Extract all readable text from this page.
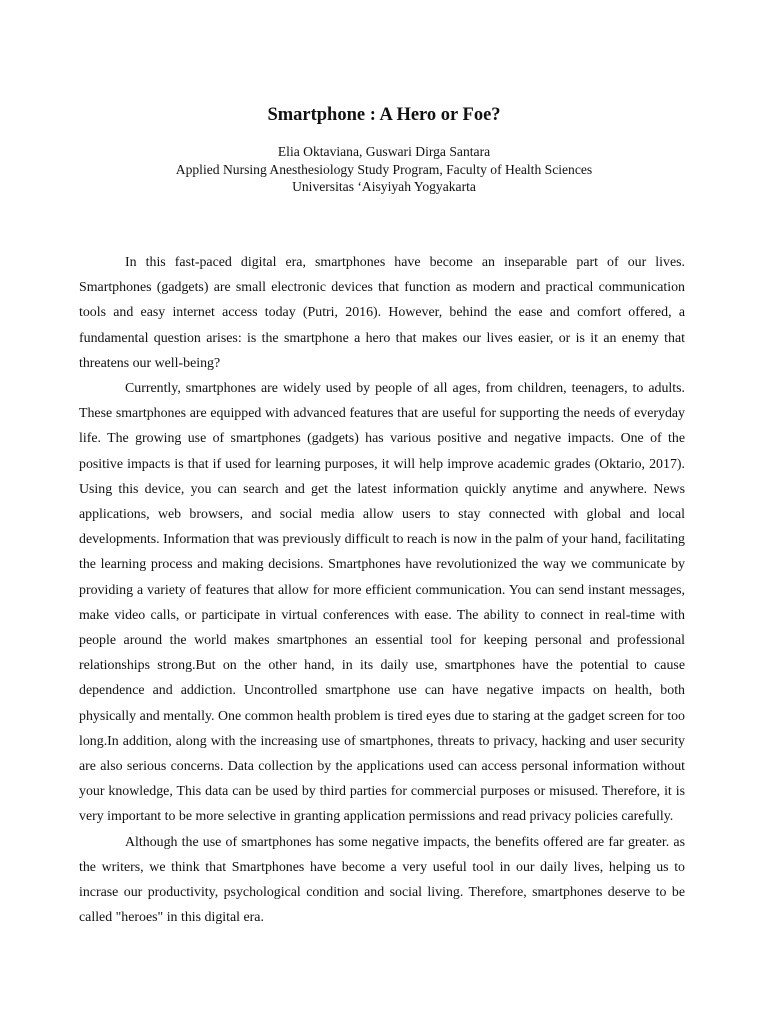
Smartphone : A Hero or Foe?
Elia Oktaviana, Guswari Dirga Santara
Applied Nursing Anesthesiology Study Program, Faculty of Health Sciences
Universitas ‘Aisyiyah Yogyakarta

In this fast-paced digital era, smartphones have become an inseparable part of our lives. Smartphones (gadgets) are small electronic devices that function as modern and practical communication tools and easy internet access today (Putri, 2016). However, behind the ease and comfort offered, a fundamental question arises: is the smartphone a hero that makes our lives easier, or is it an enemy that threatens our well-being?

Currently, smartphones are widely used by people of all ages, from children, teenagers, to adults. These smartphones are equipped with advanced features that are useful for supporting the needs of everyday life. The growing use of smartphones (gadgets) has various positive and negative impacts. One of the positive impacts is that if used for learning purposes, it will help improve academic grades (Oktario, 2017). Using this device, you can search and get the latest information quickly anytime and anywhere. News applications, web browsers, and social media allow users to stay connected with global and local developments. Information that was previously difficult to reach is now in the palm of your hand, facilitating the learning process and making decisions. Smartphones have revolutionized the way we communicate by providing a variety of features that allow for more efficient communication. You can send instant messages, make video calls, or participate in virtual conferences with ease. The ability to connect in real-time with people around the world makes smartphones an essential tool for keeping personal and professional relationships strong.But on the other hand, in its daily use, smartphones have the potential to cause dependence and addiction. Uncontrolled smartphone use can have negative impacts on health, both physically and mentally. One common health problem is tired eyes due to staring at the gadget screen for too long.In addition, along with the increasing use of smartphones, threats to privacy, hacking and user security are also serious concerns. Data collection by the applications used can access personal information without your knowledge, This data can be used by third parties for commercial purposes or misused. Therefore, it is very important to be more selective in granting application permissions and read privacy policies carefully.

Although the use of smartphones has some negative impacts, the benefits offered are far greater. as the writers, we think that Smartphones have become a very useful tool in our daily lives, helping us to incrase our productivity, psychological condition and social living. Therefore, smartphones deserve to be called "heroes" in this digital era.
